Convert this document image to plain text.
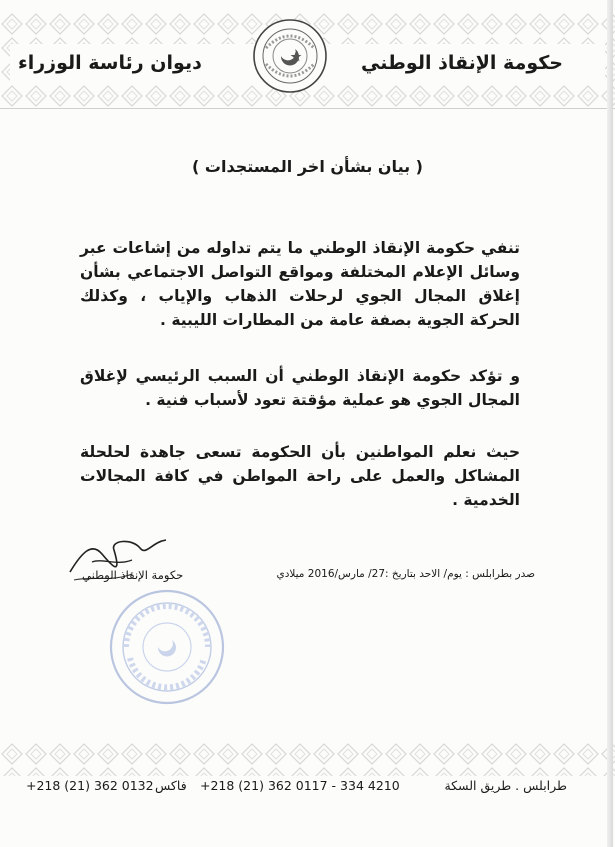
حكومة الإنقاذ الوطني
ديوان رئاسة الوزراء
( بيان بشأن اخر المستجدات )
تنفي حكومة الإنقاذ الوطني ما يتم تداوله من إشاعات عبر وسائل الإعلام المختلفة ومواقع التواصل الاجتماعي بشأن إغلاق المجال الجوي لرحلات الذهاب والإياب ، وكذلك الحركة الجوية بصفة عامة من المطارات الليبية .
و تؤكد حكومة الإنقاذ الوطني أن السبب الرئيسي لإغلاق المجال الجوي هو عملية مؤقتة تعود لأسباب فنية .
حيث نعلم المواطنين بأن الحكومة تسعى جاهدة لحلحلة المشاكل والعمل على راحة المواطن في كافة المجالات الخدمية .
صدر بطرابلس : يوم/ الاحد بتاريخ :27/ مارس/2016 ميلادي
حكومة الإنقاذ الوطني
طرابلس . طريق السكة
+218 (21) 362 0117 - 334 4210
فاكس
+218 (21) 362 0132
